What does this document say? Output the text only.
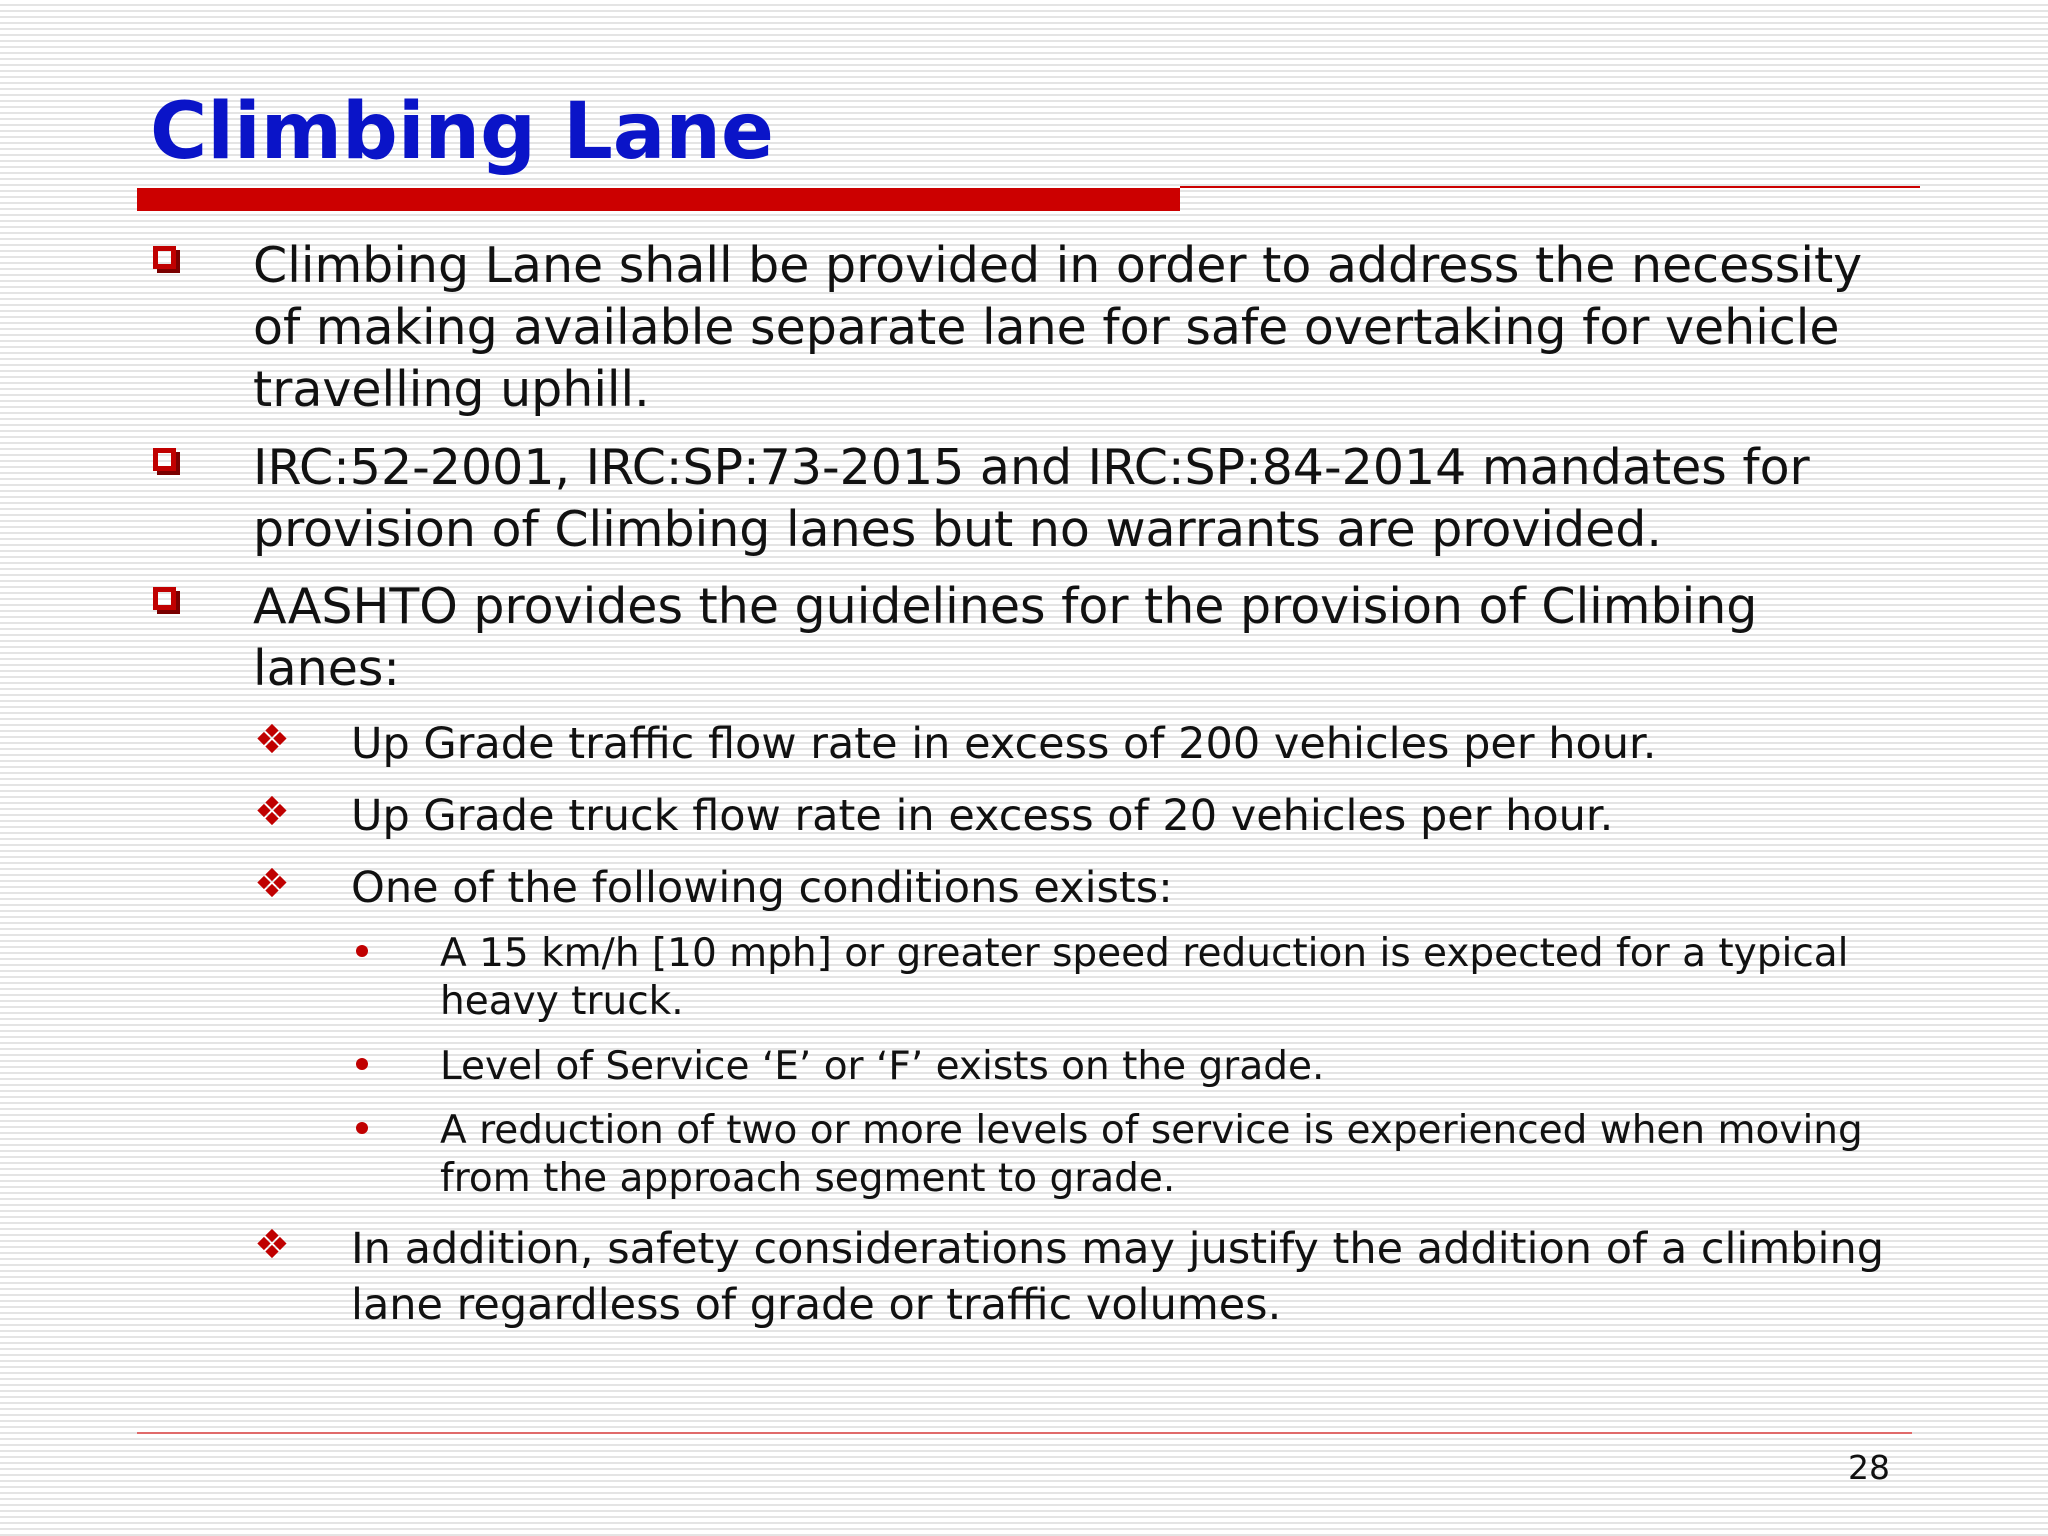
Climbing Lane
Climbing Lane shall be provided in order to address the necessity of making available separate lane for safe overtaking for vehicle travelling uphill.
IRC:52-2001, IRC:SP:73-2015 and IRC:SP:84-2014 mandates for provision of Climbing lanes but no warrants are provided.
AASHTO provides the guidelines for the provision of Climbing lanes:
❖ Up Grade traffic flow rate in excess of 200 vehicles per hour.
❖ Up Grade truck flow rate in excess of 20 vehicles per hour.
❖ One of the following conditions exists:
A 15 km/h [10 mph] or greater speed reduction is expected for a typical heavy truck.
Level of Service ‘E’ or ‘F’ exists on the grade.
A reduction of two or more levels of service is experienced when moving from the approach segment to grade.
❖ In addition, safety considerations may justify the addition of a climbing lane regardless of grade or traffic volumes.
28
